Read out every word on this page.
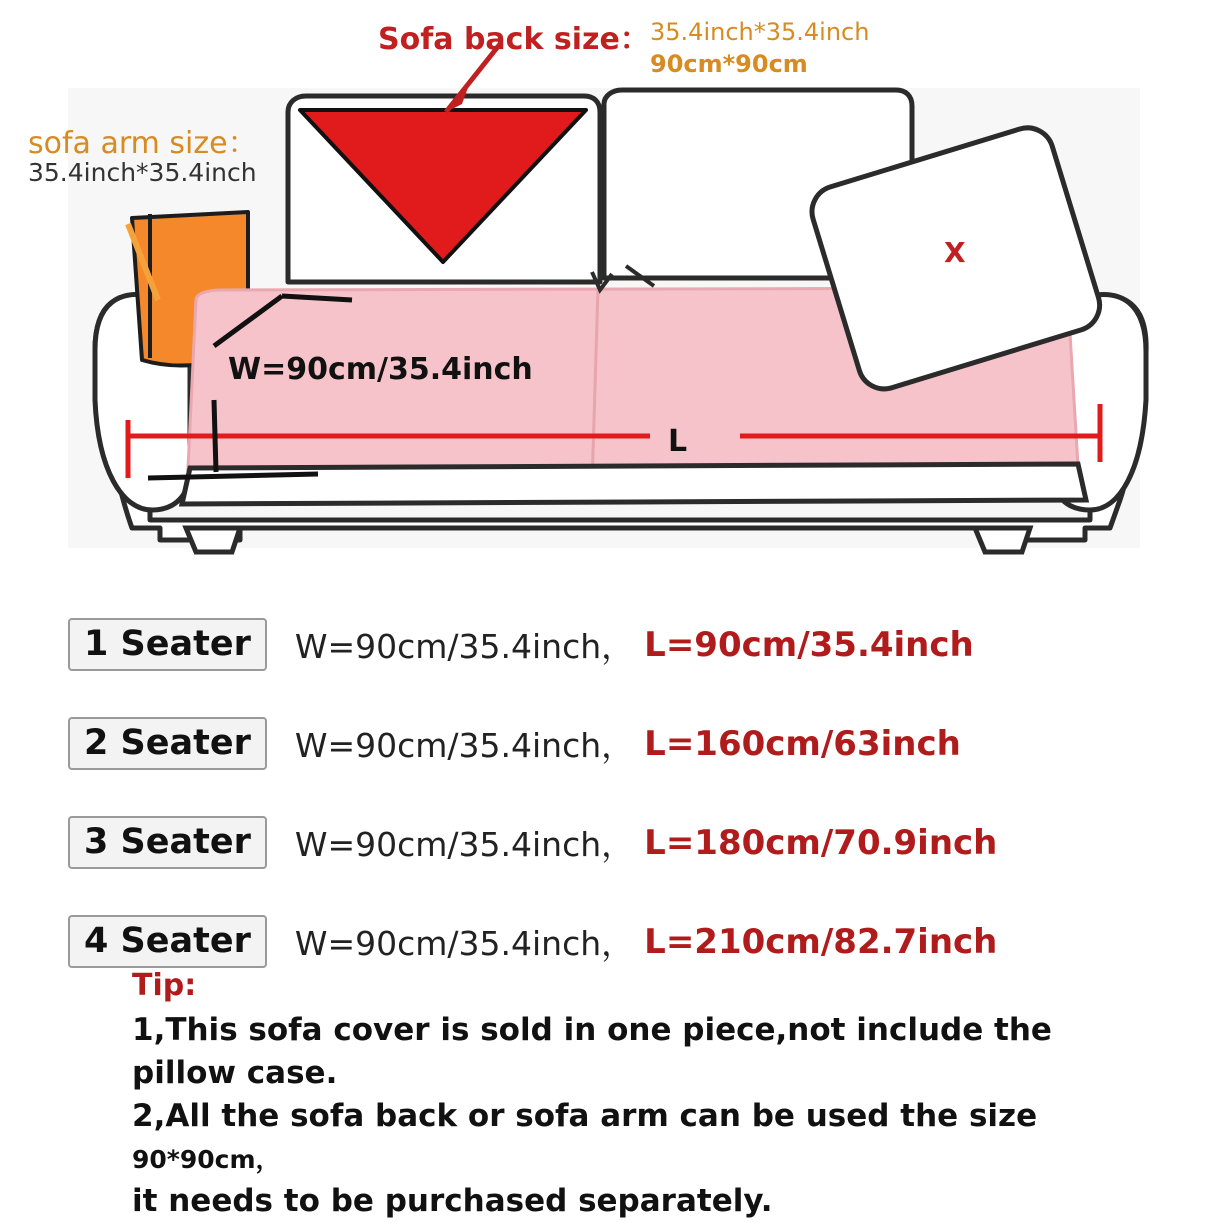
Sofa back size： 35.4inch*35.4inch
90cm*90cm
sofa arm size：
35.4inch*35.4inch
W=90cm/35.4inch
L
X
1 Seater	W=90cm/35.4inch， L=90cm/35.4inch
2 Seater	W=90cm/35.4inch， L=160cm/63inch
3 Seater	W=90cm/35.4inch， L=180cm/70.9inch
4 Seater	W=90cm/35.4inch， L=210cm/82.7inch
Tip:
1,This sofa cover is sold in one piece,not include the pillow case.
2,All the sofa back or sofa arm can be used the size 90*90cm，
it needs to be purchased separately.
